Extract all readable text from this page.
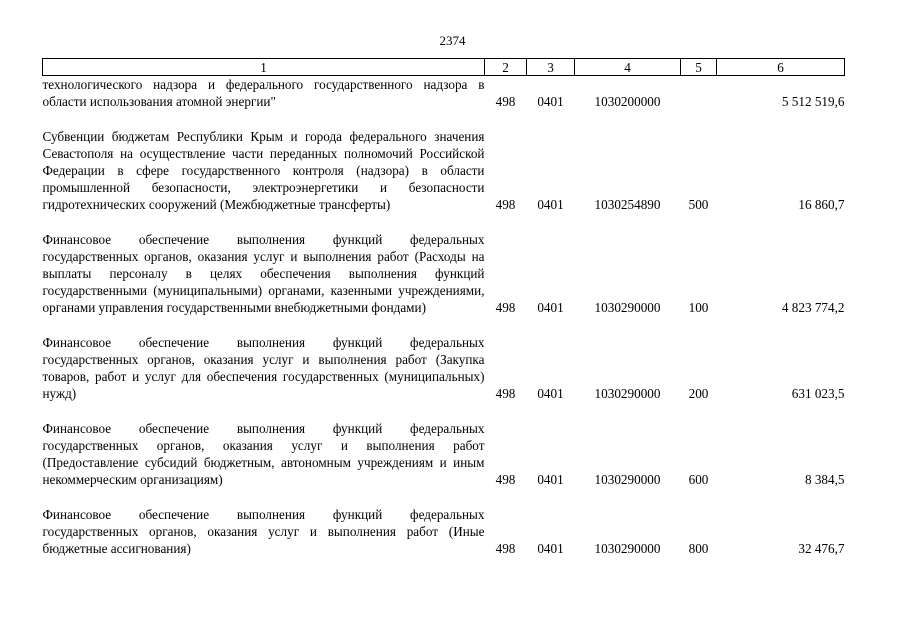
2374
1	2	3	4	5	6
технологического надзора и федерального государственного надзора в области использования атомной энергии"	498	0401	1030200000		5 512 519,6

Субвенции бюджетам Республики Крым и города федерального значения Севастополя на осуществление части переданных полномочий Российской Федерации в сфере государственного контроля (надзора) в области промышленной безопасности, электроэнергетики и безопасности гидротехнических сооружений (Межбюджетные трансферты)	498	0401	1030254890	500	16 860,7

Финансовое обеспечение выполнения функций федеральных государственных органов, оказания услуг и выполнения работ (Расходы на выплаты персоналу в целях обеспечения выполнения функций государственными (муниципальными) органами, казенными учреждениями, органами управления государственными внебюджетными фондами)	498	0401	1030290000	100	4 823 774,2

Финансовое обеспечение выполнения функций федеральных государственных органов, оказания услуг и выполнения работ (Закупка товаров, работ и услуг для обеспечения государственных (муниципальных) нужд)	498	0401	1030290000	200	631 023,5

Финансовое обеспечение выполнения функций федеральных государственных органов, оказания услуг и выполнения работ (Предоставление субсидий бюджетным, автономным учреждениям и иным некоммерческим организациям)	498	0401	1030290000	600	8 384,5

Финансовое обеспечение выполнения функций федеральных государственных органов, оказания услуг и выполнения работ (Иные бюджетные ассигнования)	498	0401	1030290000	800	32 476,7
